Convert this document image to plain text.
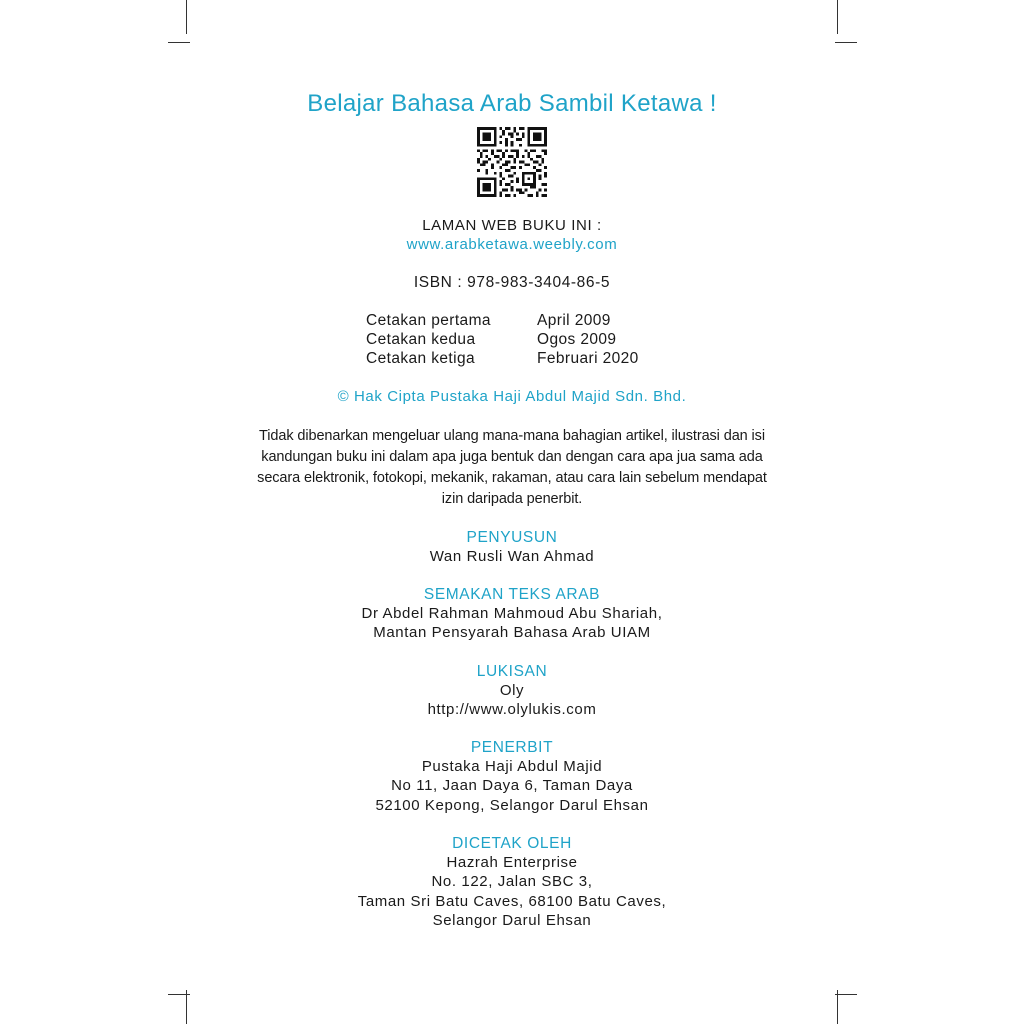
Belajar Bahasa Arab Sambil Ketawa !
LAMAN WEB BUKU INI :
www.arabketawa.weebly.com
ISBN : 978-983-3404-86-5
Cetakan pertama	April 2009
Cetakan kedua	Ogos 2009
Cetakan ketiga	Februari 2020
© Hak Cipta Pustaka Haji Abdul Majid Sdn. Bhd.
Tidak dibenarkan mengeluar ulang mana-mana bahagian artikel, ilustrasi dan isi kandungan buku ini dalam apa juga bentuk dan dengan cara apa jua sama ada secara elektronik, fotokopi, mekanik, rakaman, atau cara lain sebelum mendapat izin daripada penerbit.
PENYUSUN
Wan Rusli Wan Ahmad
SEMAKAN TEKS ARAB
Dr Abdel Rahman Mahmoud Abu Shariah,
Mantan Pensyarah Bahasa Arab UIAM
LUKISAN
Oly
http://www.olylukis.com
PENERBIT
Pustaka Haji Abdul Majid
No 11, Jaan Daya 6, Taman Daya
52100 Kepong, Selangor Darul Ehsan
DICETAK OLEH
Hazrah Enterprise
No. 122, Jalan SBC 3,
Taman Sri Batu Caves, 68100 Batu Caves,
Selangor Darul Ehsan
